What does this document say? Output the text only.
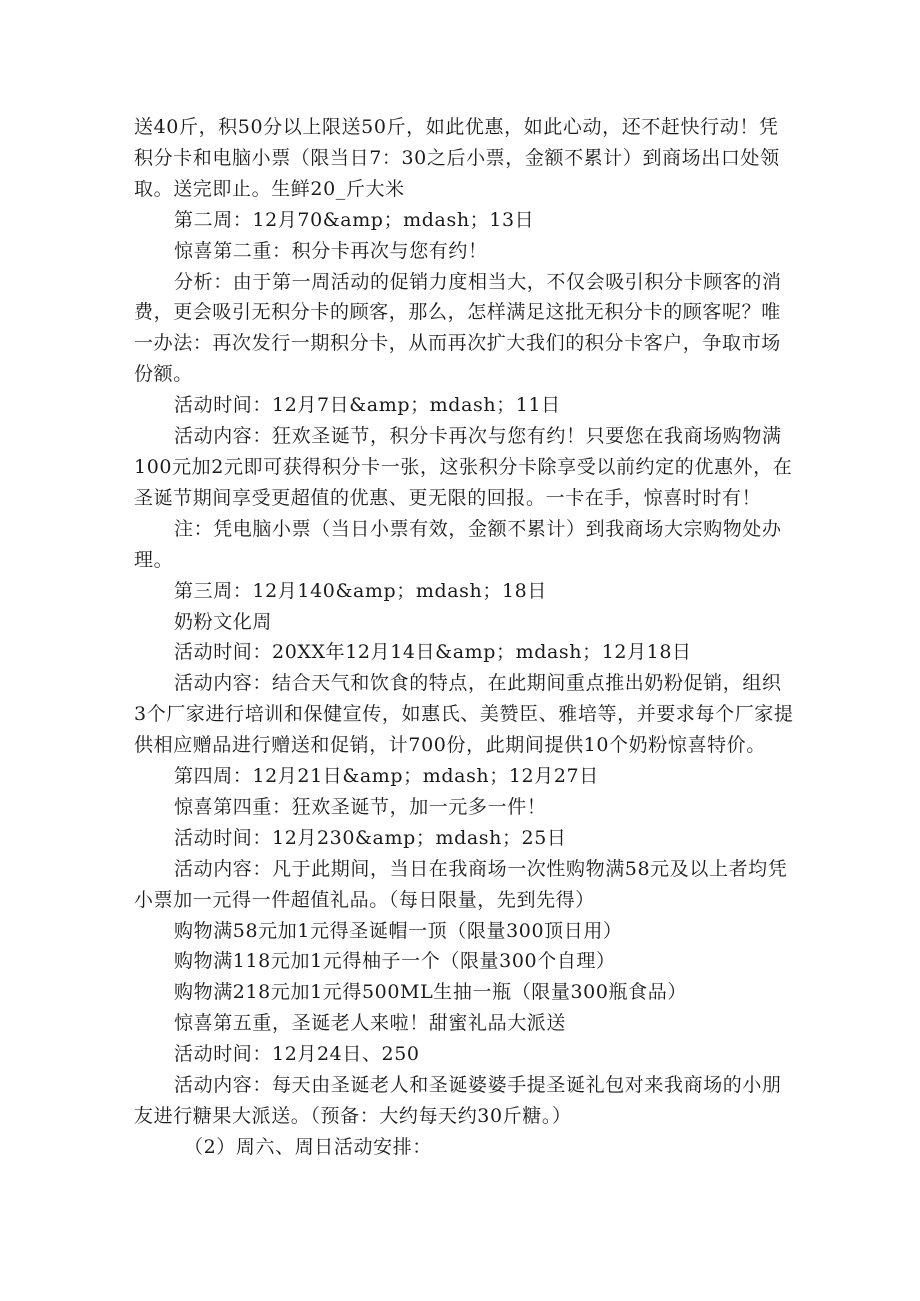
送40斤，积50分以上限送50斤，如此优惠，如此心动，还不赶快行动！凭积分卡和电脑小票（限当日7：30之后小票，金额不累计）到商场出口处领取。送完即止。生鲜20_斤大米

第二周：12月70&amp；mdash；13日

惊喜第二重：积分卡再次与您有约！

分析：由于第一周活动的促销力度相当大，不仅会吸引积分卡顾客的消费，更会吸引无积分卡的顾客，那么，怎样满足这批无积分卡的顾客呢？唯一办法：再次发行一期积分卡，从而再次扩大我们的积分卡客户，争取市场份额。

活动时间：12月7日&amp；mdash；11日

活动内容：狂欢圣诞节，积分卡再次与您有约！只要您在我商场购物满100元加2元即可获得积分卡一张，这张积分卡除享受以前约定的优惠外，在圣诞节期间享受更超值的优惠、更无限的回报。一卡在手，惊喜时时有！

注：凭电脑小票（当日小票有效，金额不累计）到我商场大宗购物处办理。

第三周：12月140&amp；mdash；18日

奶粉文化周

活动时间：20XX年12月14日&amp；mdash；12月18日

活动内容：结合天气和饮食的特点，在此期间重点推出奶粉促销，组织3个厂家进行培训和保健宣传，如惠氏、美赞臣、雅培等，并要求每个厂家提供相应赠品进行赠送和促销，计700份，此期间提供10个奶粉惊喜特价。

第四周：12月21日&amp；mdash；12月27日

惊喜第四重：狂欢圣诞节，加一元多一件！

活动时间：12月230&amp；mdash；25日

活动内容：凡于此期间，当日在我商场一次性购物满58元及以上者均凭小票加一元得一件超值礼品。（每日限量，先到先得）

购物满58元加1元得圣诞帽一顶（限量300顶日用）

购物满118元加1元得柚子一个（限量300个自理）

购物满218元加1元得500ML生抽一瓶（限量300瓶食品）

惊喜第五重，圣诞老人来啦！甜蜜礼品大派送

活动时间：12月24日、250

活动内容：每天由圣诞老人和圣诞婆婆手提圣诞礼包对来我商场的小朋友进行糖果大派送。（预备：大约每天约30斤糖。）

（2）周六、周日活动安排：
